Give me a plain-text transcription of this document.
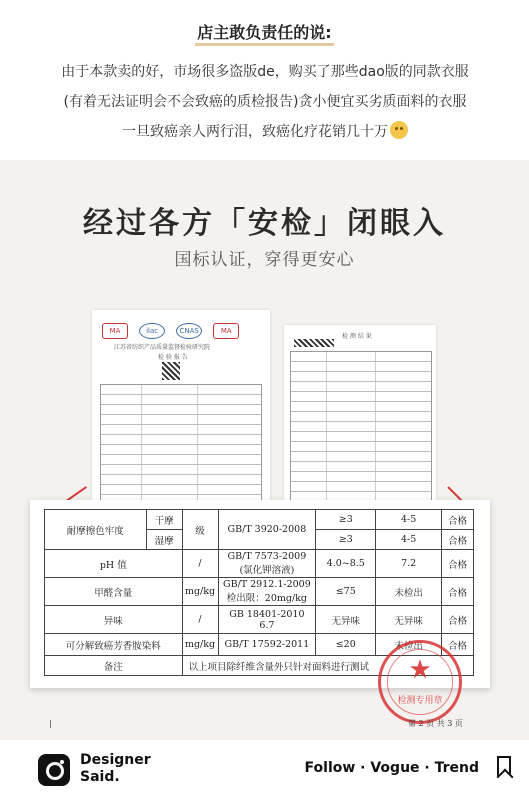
店主敢负责任的说:
由于本款卖的好，市场很多盗版de，购买了那些dao版的同款衣服
(有着无法证明会不会致癌的质检报告)贪小便宜买劣质面料的衣服
一旦致癌亲人两行泪，致癌化疗花销几十万
经过各方「安检」闭眼入
国标认证，穿得更安心
MA	ilac	CNAS	MA
江苏省纺织产品质量监督检验研究院
检 验 报 告
检 测 结 果
耐摩擦色牢度	干摩	级	GB/T 3920-2008	≥3	4-5	合格
	湿摩			≥3	4-5	合格
pH 值		/	GB/T 7573-2009 (氯化钾溶液)	4.0~8.5	7.2	合格
甲醛含量		mg/kg	GB/T 2912.1-2009 检出限：20mg/kg	≤75	未检出	合格
异味		/	GB 18401-2010 6.7	无异味	无异味	合格
可分解致癌芳香胺染料		mg/kg	GB/T 17592-2011	≤20	未检出	合格
备注		以上项目除纤维含量外只针对面料进行测试					★
检测专用章
第 2 页 共 3 页
Designer
Said.
Follow · Vogue · Trend
